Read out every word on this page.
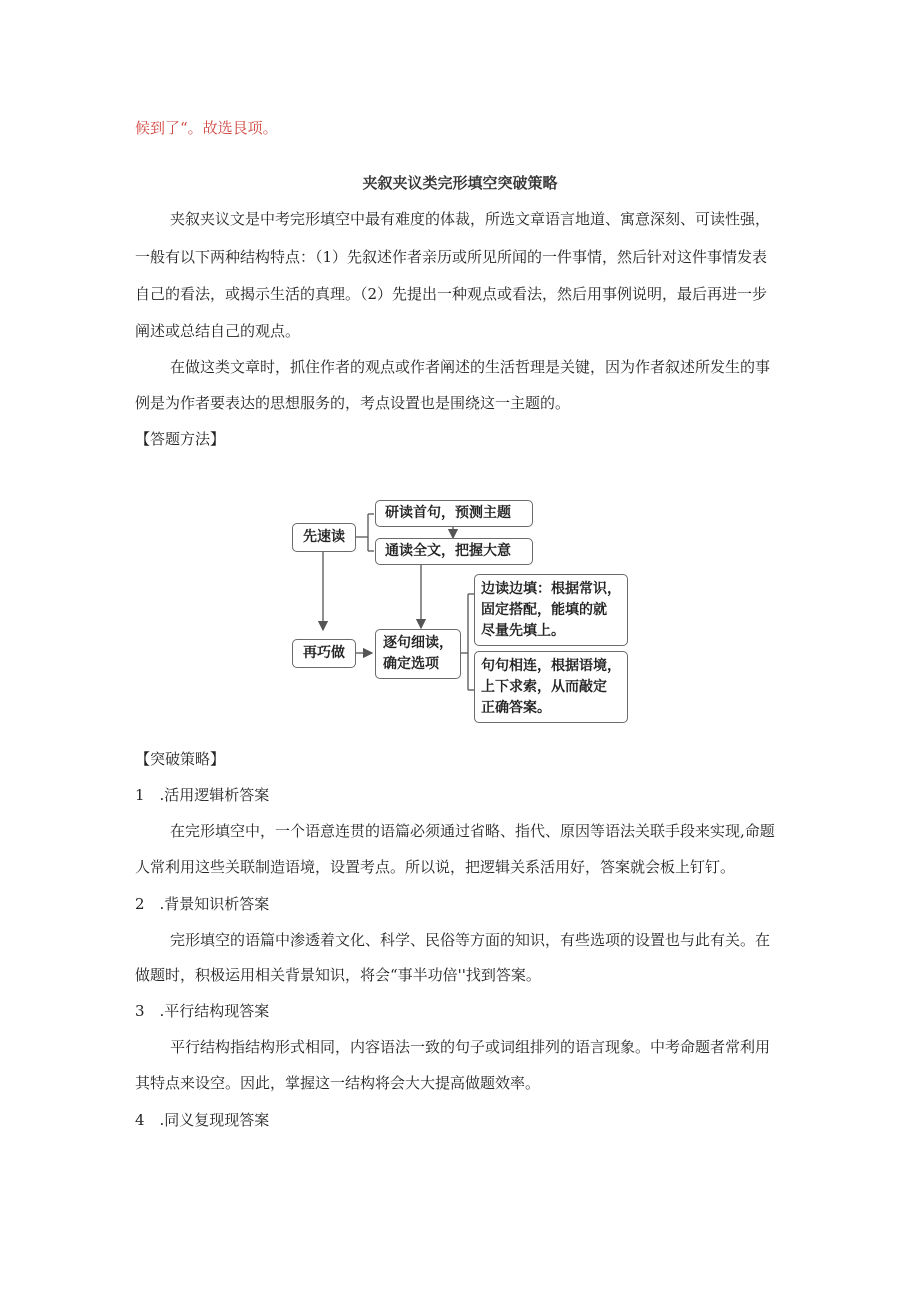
候到了“。故选艮项。
夹叙夹议类完形填空突破策略
夹叙夹议文是中考完形填空中最有难度的体裁，所选文章语言地道、寓意深刻、可读性强，
一般有以下两种结构特点：（1）先叙述作者亲历或所见所闻的一件事情，然后针对这件事情发表
自己的看法，或揭示生活的真理。（2）先提出一种观点或看法，然后用事例说明，最后再进一步
阐述或总结自己的观点。
在做这类文章时，抓住作者的观点或作者阐述的生活哲理是关键，因为作者叙述所发生的事
例是为作者要表达的思想服务的，考点设置也是围绕这一主题的。
【答题方法】
先速读
研读首句，预测主题
通读全文，把握大意
再巧做
逐句细读，
确定选项
边读边填：根据常识，
固定搭配，能填的就
尽量先填上。
句句相连，根据语境，
上下求索，从而敲定
正确答案。
【突破策略】
1　.活用逻辑析答案
在完形填空中，一个语意连贯的语篇必须通过省略、指代、原因等语法关联手段来实现,命题
人常利用这些关联制造语境，设置考点。所以说，把逻辑关系活用好，答案就会板上钉钉。
2　.背景知识析答案
完形填空的语篇中渗透着文化、科学、民俗等方面的知识，有些选项的设置也与此有关。在
做题时，积极运用相关背景知识，将会“事半功倍''找到答案。
3　.平行结构现答案
平行结构指结构形式相同，内容语法一致的句子或词组排列的语言现象。中考命题者常利用
其特点来设空。因此，掌握这一结构将会大大提高做题效率。
4　.同义复现现答案
